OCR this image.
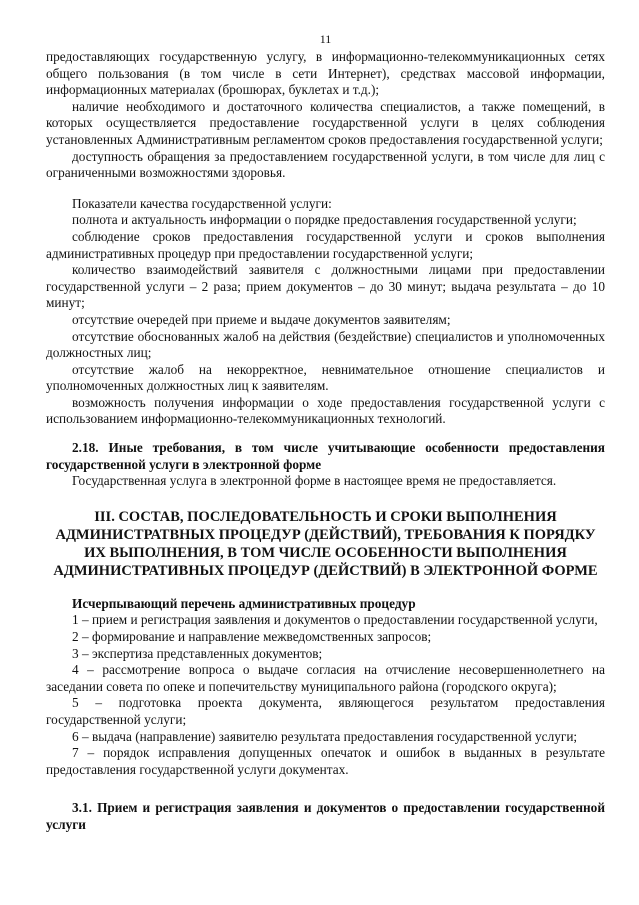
11

предоставляющих государственную услугу, в информационно-телекоммуникационных сетях общего пользования (в том числе в сети Интернет), средствах массовой информации, информационных материалах (брошюрах, буклетах и т.д.);

наличие необходимого и достаточного количества специалистов, а также помещений, в которых осуществляется предоставление государственной услуги в целях соблюдения установленных Административным регламентом сроков предоставления государственной услуги;

доступность обращения за предоставлением государственной услуги, в том числе для лиц с ограниченными возможностями здоровья.

Показатели качества государственной услуги:

полнота и актуальность информации о порядке предоставления государственной услуги;

соблюдение сроков предоставления государственной услуги и сроков выполнения административных процедур при предоставлении государственной услуги;

количество взаимодействий заявителя с должностными лицами при предоставлении государственной услуги – 2 раза; прием документов – до 30 минут; выдача результата – до 10 минут;

отсутствие очередей при приеме и выдаче документов заявителям;

отсутствие обоснованных жалоб на действия (бездействие) специалистов и уполномоченных должностных лиц;

отсутствие жалоб на некорректное, невнимательное отношение специалистов и уполномоченных должностных лиц к заявителям.

возможность получения информации о ходе предоставления государственной услуги с использованием информационно-телекоммуникационных технологий.

2.18. Иные требования, в том числе учитывающие особенности предоставления государственной услуги в электронной форме

Государственная услуга в электронной форме в настоящее время не предоставляется.

III. СОСТАВ, ПОСЛЕДОВАТЕЛЬНОСТЬ И СРОКИ ВЫПОЛНЕНИЯ АДМИНИСТРАТВНЫХ ПРОЦЕДУР (ДЕЙСТВИЙ), ТРЕБОВАНИЯ К ПОРЯДКУ ИХ ВЫПОЛНЕНИЯ, В ТОМ ЧИСЛЕ ОСОБЕННОСТИ ВЫПОЛНЕНИЯ АДМИНИСТРАТИВНЫХ ПРОЦЕДУР (ДЕЙСТВИЙ) В ЭЛЕКТРОННОЙ ФОРМЕ

Исчерпывающий перечень административных процедур

1 – прием и регистрация заявления и документов о предоставлении государственной услуги,

2 – формирование и направление межведомственных запросов;

3 – экспертиза представленных документов;

4 – рассмотрение вопроса о выдаче согласия на отчисление несовершеннолетнего на заседании совета по опеке и попечительству муниципального района (городского округа);

5 – подготовка проекта документа, являющегося результатом предоставления государственной услуги;

6 – выдача (направление) заявителю результата предоставления государственной услуги;

7 – порядок исправления допущенных опечаток и ошибок в выданных в результате предоставления государственной услуги документах.

3.1. Прием и регистрация заявления и документов о предоставлении государственной услуги
